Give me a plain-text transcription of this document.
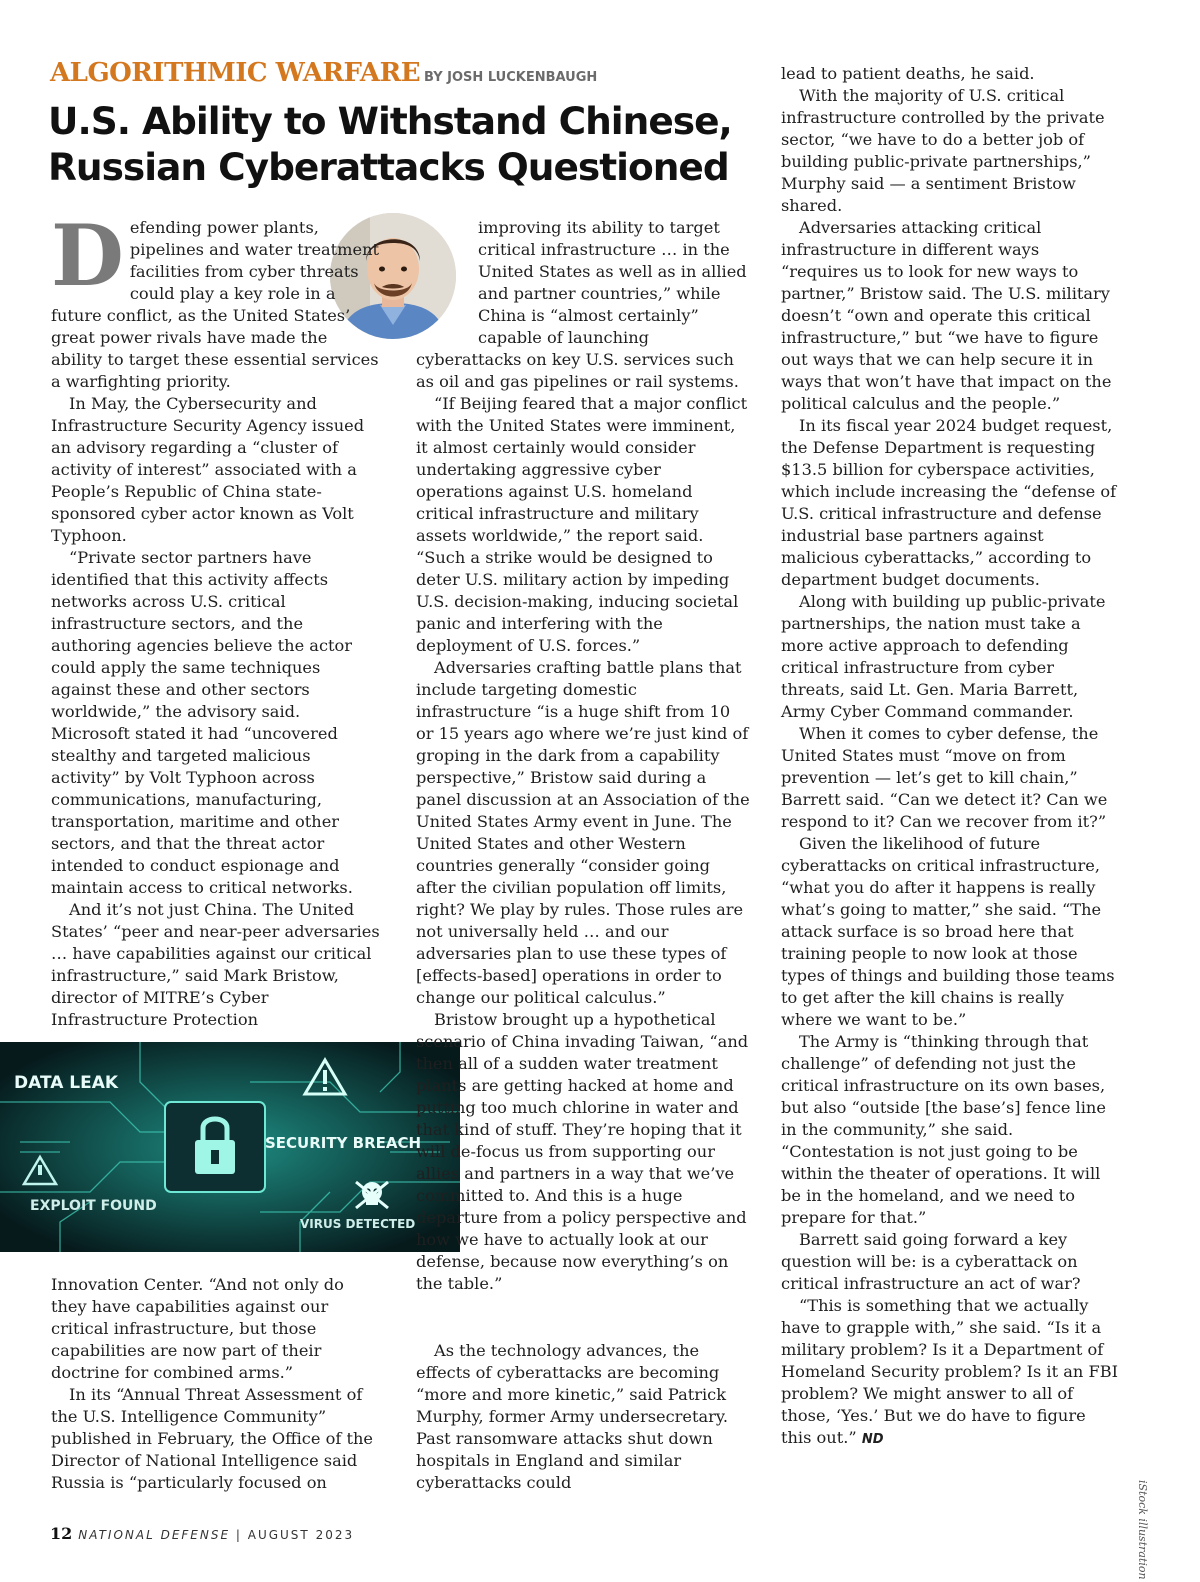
ALGORITHMIC WARFARE BY JOSH LUCKENBAUGH
U.S. Ability to Withstand Chinese,
Russian Cyberattacks Questioned

Defending power plants, pipelines and water treatment facilities from cyber threats could play a key role in a future conflict, as the United States’ great power rivals have made the ability to target these essential services a warfighting priority.

In May, the Cybersecurity and Infrastructure Security Agency issued an advisory regarding a “cluster of activity of interest” associated with a People’s Republic of China state-sponsored cyber actor known as Volt Typhoon.

“Private sector partners have identified that this activity affects networks across U.S. critical infrastructure sectors, and the authoring agencies believe the actor could apply the same techniques against these and other sectors worldwide,” the advisory said. Microsoft stated it had “uncovered stealthy and targeted malicious activity” by Volt Typhoon across communications, manufacturing, transportation, maritime and other sectors, and that the threat actor intended to conduct espionage and maintain access to critical networks.

And it’s not just China. The United States’ “peer and near-peer adversaries … have capabilities against our critical infrastructure,” said Mark Bristow, director of MITRE’s Cyber Infrastructure Protection

DATA LEAK
SECURITY BREACH
EXPLOIT FOUND
VIRUS DETECTED

Innovation Center. “And not only do they have capabilities against our critical infrastructure, but those capabilities are now part of their doctrine for combined arms.”

In its “Annual Threat Assessment of the U.S. Intelligence Community” published in February, the Office of the Director of National Intelligence said Russia is “particularly focused on

improving its ability to target critical infrastructure … in the United States as well as in allied and partner countries,” while China is “almost certainly” capable of launching cyberattacks on key U.S. services such as oil and gas pipelines or rail systems.

“If Beijing feared that a major conflict with the United States were imminent, it almost certainly would consider undertaking aggressive cyber operations against U.S. homeland critical infrastructure and military assets worldwide,” the report said. “Such a strike would be designed to deter U.S. military action by impeding U.S. decision-making, inducing societal panic and interfering with the deployment of U.S. forces.”

Adversaries crafting battle plans that include targeting domestic infrastructure “is a huge shift from 10 or 15 years ago where we’re just kind of groping in the dark from a capability perspective,” Bristow said during a panel discussion at an Association of the United States Army event in June. The United States and other Western countries generally “consider going after the civilian population off limits, right? We play by rules. Those rules are not universally held … and our adversaries plan to use these types of [effects-based] operations in order to change our political calculus.”

Bristow brought up a hypothetical scenario of China invading Taiwan, “and then all of a sudden water treatment plants are getting hacked at home and putting too much chlorine in water and that kind of stuff. They’re hoping that it will de-focus us from supporting our allies and partners in a way that we’ve committed to. And this is a huge departure from a policy perspective and how we have to actually look at our defense, because now everything’s on the table.”

As the technology advances, the effects of cyberattacks are becoming “more and more kinetic,” said Patrick Murphy, former Army undersecretary. Past ransomware attacks shut down hospitals in England and similar cyberattacks could

lead to patient deaths, he said.

With the majority of U.S. critical infrastructure controlled by the private sector, “we have to do a better job of building public-private partnerships,” Murphy said — a sentiment Bristow shared.

Adversaries attacking critical infrastructure in different ways “requires us to look for new ways to partner,” Bristow said. The U.S. military doesn’t “own and operate this critical infrastructure,” but “we have to figure out ways that we can help secure it in ways that won’t have that impact on the political calculus and the people.”

In its fiscal year 2024 budget request, the Defense Department is requesting $13.5 billion for cyberspace activities, which include increasing the “defense of U.S. critical infrastructure and defense industrial base partners against malicious cyberattacks,” according to department budget documents.

Along with building up public-private partnerships, the nation must take a more active approach to defending critical infrastructure from cyber threats, said Lt. Gen. Maria Barrett, Army Cyber Command commander.

When it comes to cyber defense, the United States must “move on from prevention — let’s get to kill chain,” Barrett said. “Can we detect it? Can we respond to it? Can we recover from it?”

Given the likelihood of future cyberattacks on critical infrastructure, “what you do after it happens is really what’s going to matter,” she said. “The attack surface is so broad here that training people to now look at those types of things and building those teams to get after the kill chains is really where we want to be.”

The Army is “thinking through that challenge” of defending not just the critical infrastructure on its own bases, but also “outside [the base’s] fence line in the community,” she said. “Contestation is not just going to be within the theater of operations. It will be in the homeland, and we need to prepare for that.”

Barrett said going forward a key question will be: is a cyberattack on critical infrastructure an act of war?

“This is something that we actually have to grapple with,” she said. “Is it a military problem? Is it a Department of Homeland Security problem? Is it an FBI problem? We might answer to all of those, ‘Yes.’ But we do have to figure this out.” ND

iStock illustration
12 NATIONAL DEFENSE | AUGUST 2023
